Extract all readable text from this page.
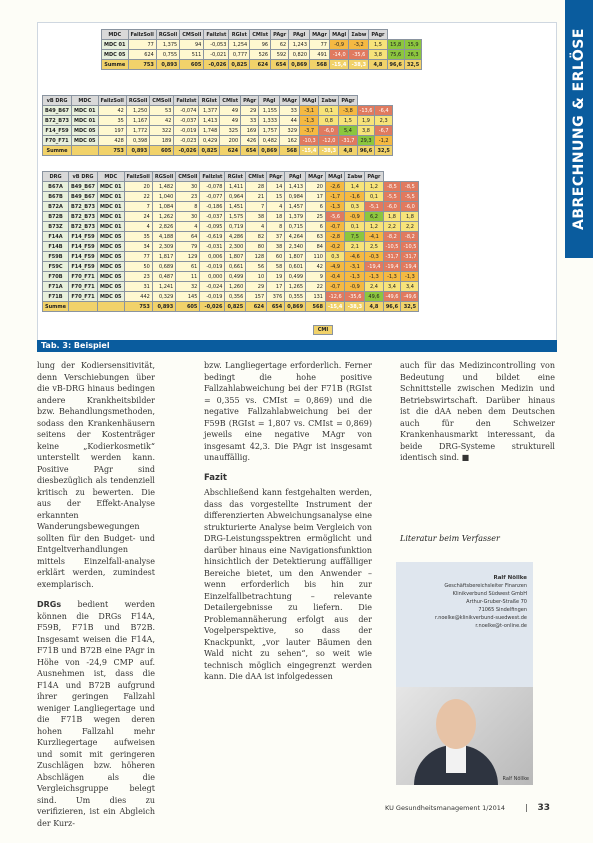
ABRECHNUNG & ERLÖSE
MDC	FallzSoll	RGSoll	CMSoll	FallzIst	RGIst	CMIst	PAgr	PAgl	MAgr	MAgl	Σabw	PAgr		
MDC 01	77	1,375	94	-0,053	1,254	96	62	1,243	77	-0,9	-3,2	1,5	15,8	15,9
MDC 05	624	0,755	511	-0,021	0,777	526	592	0,820	491	-14,0	-35,6	3,8	75,6	26,3
Summe	753	0,893	605	-0,026	0,825	624	654	0,869	568	-15,4	-38,3	4,8	96,6	32,5
vB DRG	MDC	FallzSoll	RGSoll	CMSoll	FallzIst	RGIst	CMIst	PAgr	PAgl	MAgr	MAgl	Σabw	PAgr		
B49_B67	MDC 01	42	1,250	53	-0,074	1,377	49	29	1,155	33	-3,1	0,1	-3,8	-13,6	-6,4
B72_B73	MDC 01	35	1,167	42	-0,037	1,413	49	33	1,333	44	-1,3	0,8	1,5	1,9	2,3
F14_F59	MDC 05	197	1,772	322	-0,019	1,748	325	169	1,757	329	-3,7	-6,0	5,4	3,8	-6,7
F70_F71	MDC 05	428	0,398	189	-0,023	0,429	200	426	0,482	162	-10,3	-12,0	-31,7	29,3	-1,2
Summe		753	0,893	605	-0,026	0,825	624	654	0,869	568	-15,4	-38,3	4,8	96,6	32,5
DRG	vB DRG	MDC	FallzSoll	RGSoll	CMSoll	FallzIst	RGIst	CMIst	PAgr	PAgl	MAgr	MAgl	Σabw	PAgr		
B67A	B49_B67	MDC 01	20	1,482	30	-0,078	1,411	28	14	1,413	20	-2,6	1,4	1,2	-8,5	-8,5
B67B	B49_B67	MDC 01	22	1,040	23	-0,077	0,964	21	15	0,984	17	-1,7	-1,6	0,1	-5,5	-5,5
B72A	B72_B73	MDC 01	7	1,084	8	-0,186	1,451	7	4	1,457	6	-1,3	0,3	-5,1	-6,0	-6,0
B72B	B72_B73	MDC 01	24	1,262	30	-0,037	1,575	38	18	1,379	25	-5,6	-0,9	6,2	1,8	1,8
B73Z	B72_B73	MDC 01	4	2,826	4	-0,095	0,719	4	8	0,715	6	-0,7	0,1	1,2	2,2	2,2
F14A	F14_F59	MDC 05	35	4,188	64	-0,619	4,286	82	37	4,264	63	-2,8	7,5	-4,1	-8,2	-8,2
F14B	F14_F59	MDC 05	34	2,309	79	-0,031	2,300	80	38	2,340	84	-0,2	2,1	2,5	-10,5	-10,5
F59B	F14_F59	MDC 05	77	1,817	129	0,006	1,807	128	60	1,807	110	0,3	-4,6	-0,3	-31,7	-31,7
F59C	F14_F59	MDC 05	50	0,689	61	-0,019	0,661	56	58	0,601	42	-4,9	-3,1	-19,4	-19,4	-19,4
F70B	F70_F71	MDC 05	23	0,487	11	0,000	0,499	10	19	0,499	9	-0,4	-1,3	-1,3	-1,3	-1,3
F71A	F70_F71	MDC 05	31	1,241	32	-0,024	1,260	29	17	1,265	22	-0,7	-0,9	2,4	3,4	3,4
F71B	F70_F71	MDC 05	442	0,329	145	-0,019	0,356	157	376	0,355	131	-12,6	-35,6	49,6	-49,6	-49,6
Summe			753	0,893	605	-0,026	0,825	624	654	0,869	568	-15,4	-38,3	4,8	96,6	32,5
CMI
Tab. 3: Beispiel

lung der Kodiersensitivität, denn Verschiebungen über die vB-DRG hinaus bedingen andere Krankheitsbilder bzw. Behandlungsmethoden, sodass den Krankenhäusern seitens der Kostenträger keine „Kodierkosmetik“ unterstellt werden kann. Positive PAgr sind diesbezüglich als tendenziell kritisch zu bewerten. Die aus der Effekt-Analyse erkannten Wanderungsbewegungen sollten für den Budget- und Entgeltverhandlungen mittels Einzelfall-analyse erklärt werden, zumindest exemplarisch.

DRGs bedient werden können die DRGs F14A, F59B, F71B und B72B. Insgesamt weisen die F14A, F71B und B72B eine PAgr in Höhe von -24,9 CMP auf. Ausnehmen ist, dass die F14A und B72B aufgrund ihrer geringen Fallzahl weniger Langliegertage und die F71B wegen deren hohen Fallzahl mehr Kurzliegertage aufweisen und somit mit geringeren Zuschlägen bzw. höheren Abschlägen als die Vergleichsgruppe belegt sind. Um dies zu verifizieren, ist ein Abgleich der Kurz-

bzw. Langliegertage erforderlich. Ferner bedingt die hohe positive Fallzahlabweichung bei der F71B (RGIst = 0,355 vs. CMIst = 0,869) und die negative Fallzahlabweichung bei der F59B (RGIst = 1,807 vs. CMIst = 0,869) jeweils eine negative MAgr von insgesamt 42,3. Die PAgr ist insgesamt unauffällig.

Fazit

Abschließend kann festgehalten werden, dass das vorgestellte Instrument der differenzierten Abweichungsanalyse eine strukturierte Analyse beim Vergleich von DRG-Leistungsspektren ermöglicht und darüber hinaus eine Navigationsfunktion hinsichtlich der Detektierung auffälliger Bereiche bietet, um den Anwender – wenn erforderlich bis hin zur Einzelfallbetrachtung – relevante Detailergebnisse zu liefern. Die Problemannäherung erfolgt aus der Vogelperspektive, so dass der Knackpunkt, „vor lauter Bäumen den Wald nicht zu sehen“, so weit wie technisch möglich eingegrenzt werden kann. Die dAA ist infolgedessen

auch für das Medizincontrolling von Bedeutung und bildet eine Schnittstelle zwischen Medizin und Betriebswirtschaft. Darüber hinaus ist die dAA neben dem Deutschen auch für den Schweizer Krankenhausmarkt interessant, da beide DRG-Systeme strukturell identisch sind. ■

Literatur beim Verfasser
Ralf Nöllke
Geschäftsbereichsleiter Finanzen
Klinikverbund Südwest GmbH
Arthur-Gruber-Straße 70
71065 Sindelfingen
r.noelke@klinikverbund-suedwest.de
r.noelke@t-online.de
Ralf Nöllke
KU Gesundheitsmanagement 1/2014	| 33
